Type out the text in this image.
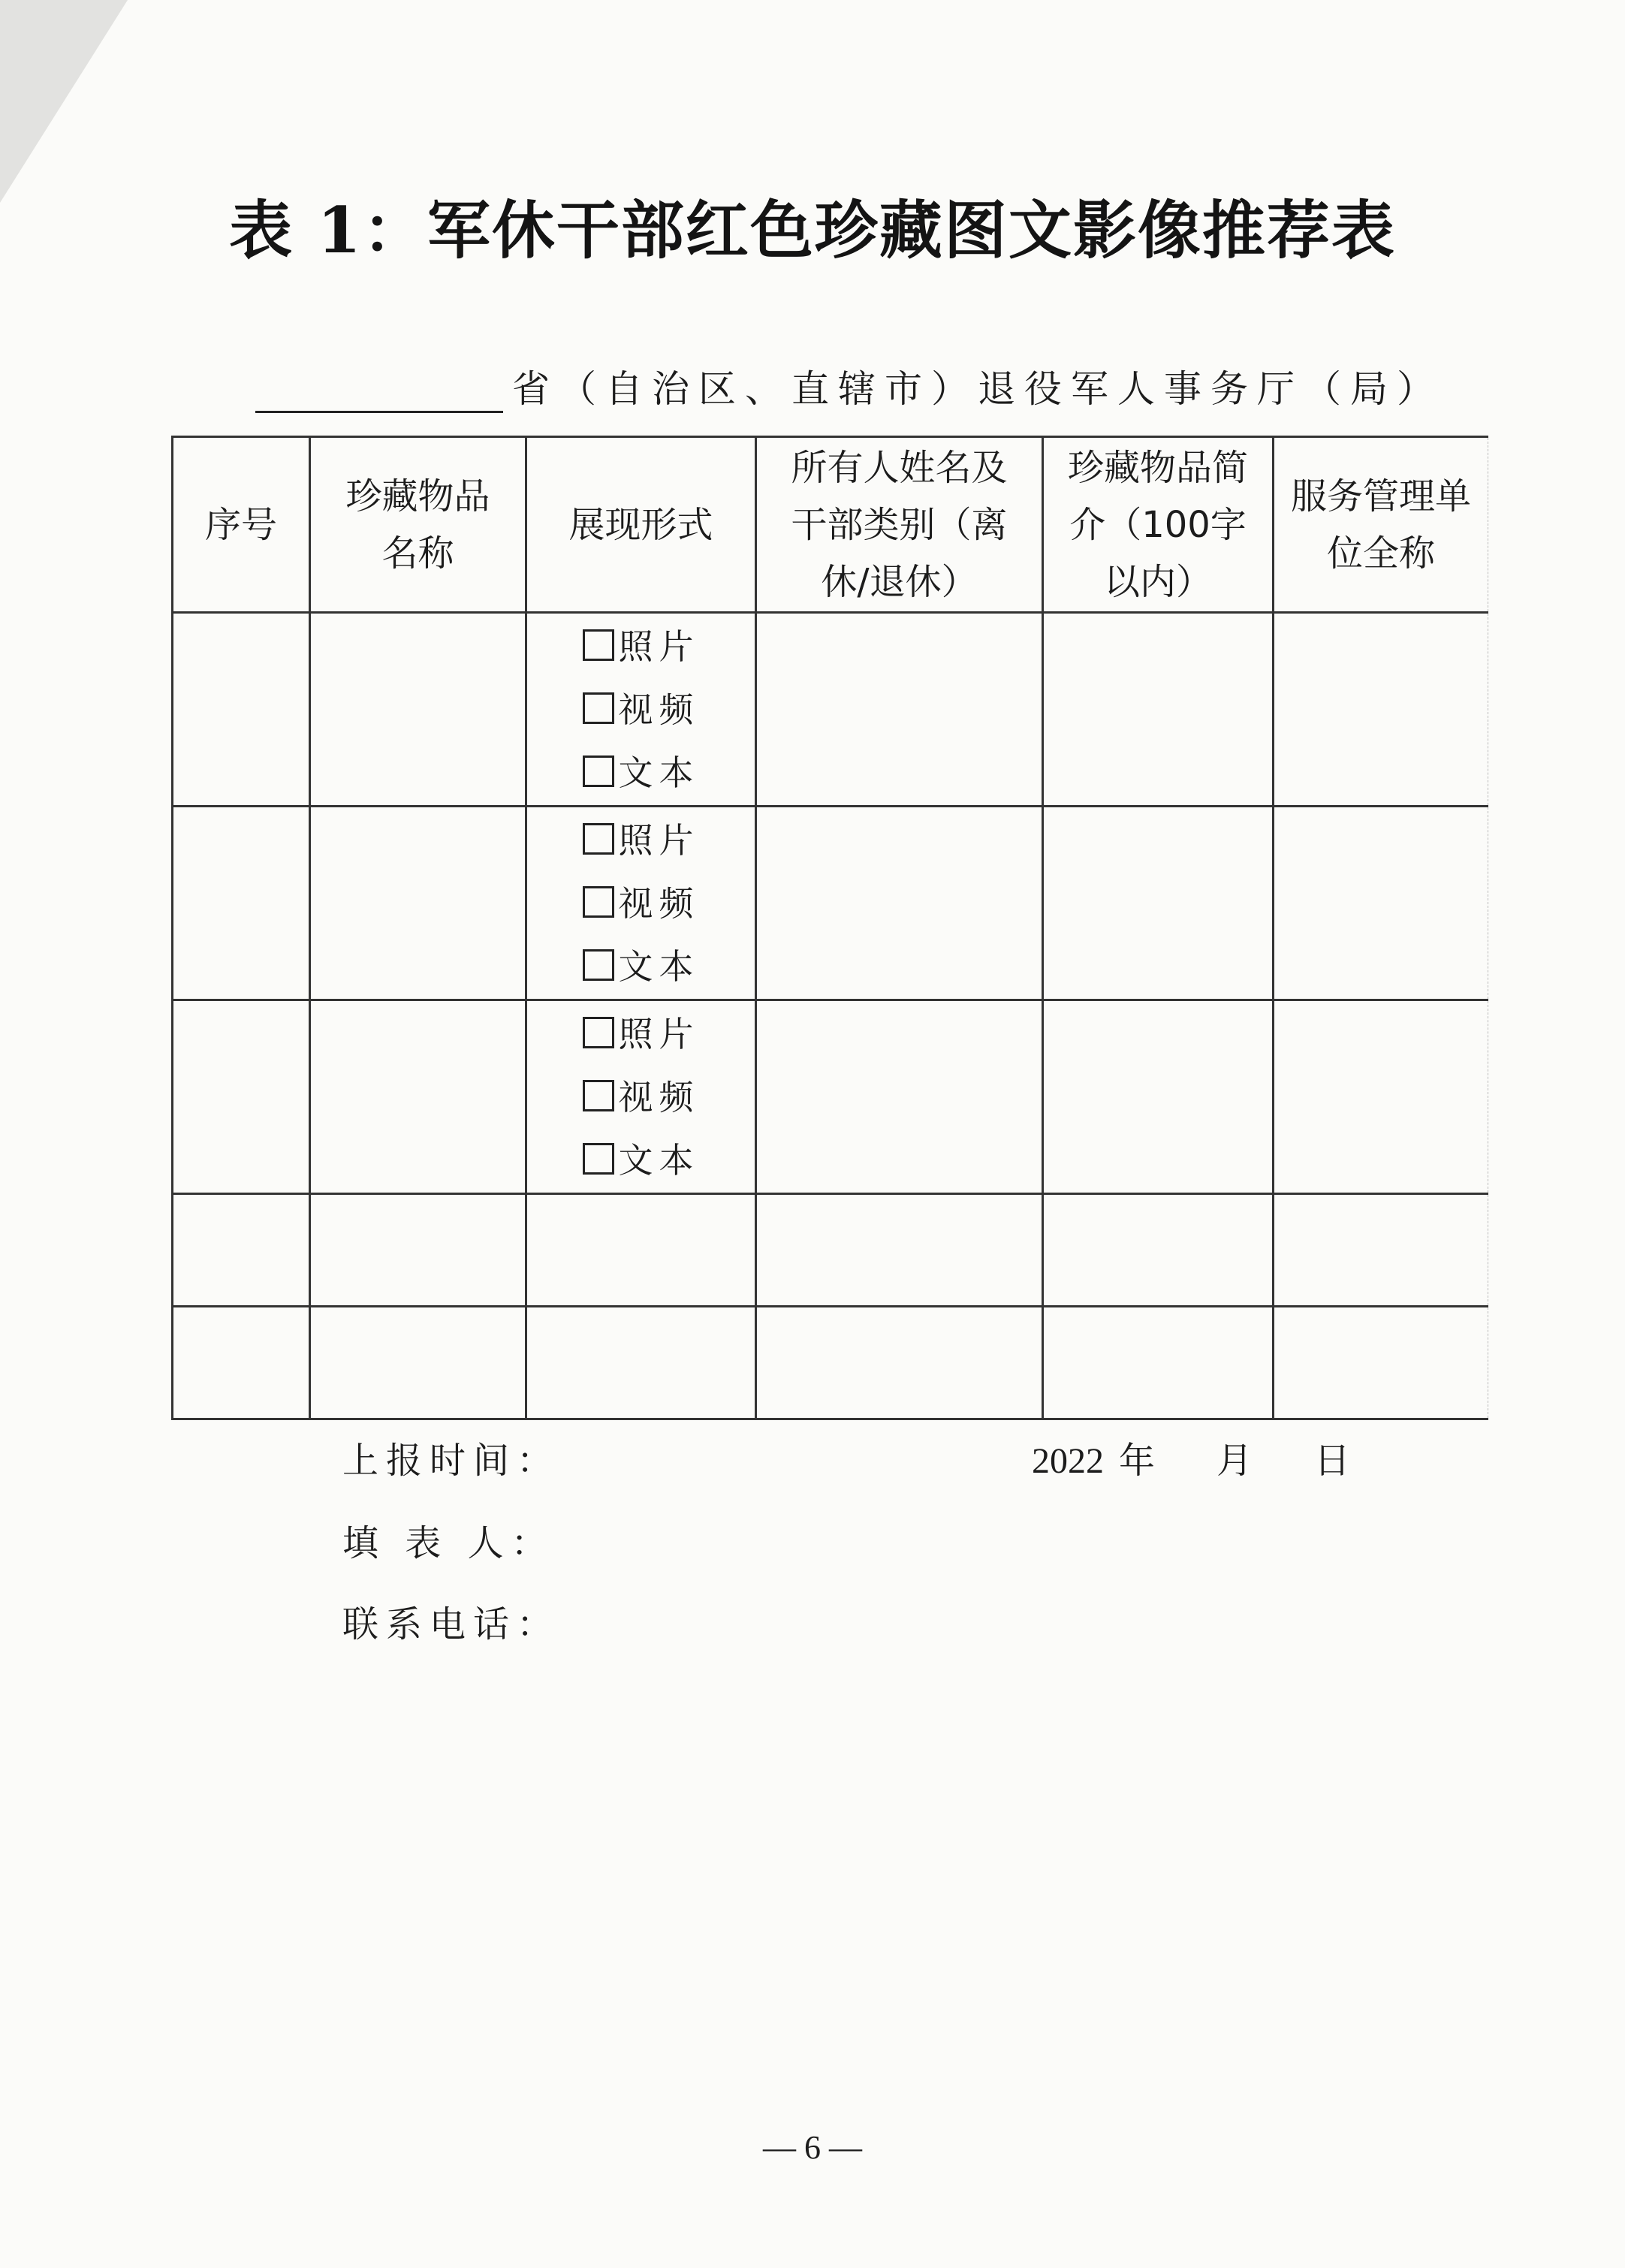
表 1：军休干部红色珍藏图文影像推荐表
省（自治区、直辖市）退役军人事务厅（局）
序号	珍藏物品名称	展现形式	所有人姓名及干部类别（离休/退休）	珍藏物品简介（100字以内）	服务管理单位全称

		照片
视频
文本			

		照片
视频
文本			

		照片
视频
文本			

上报时间：	2022 年 月 日
填 表 人：
联系电话：
— 6 —
